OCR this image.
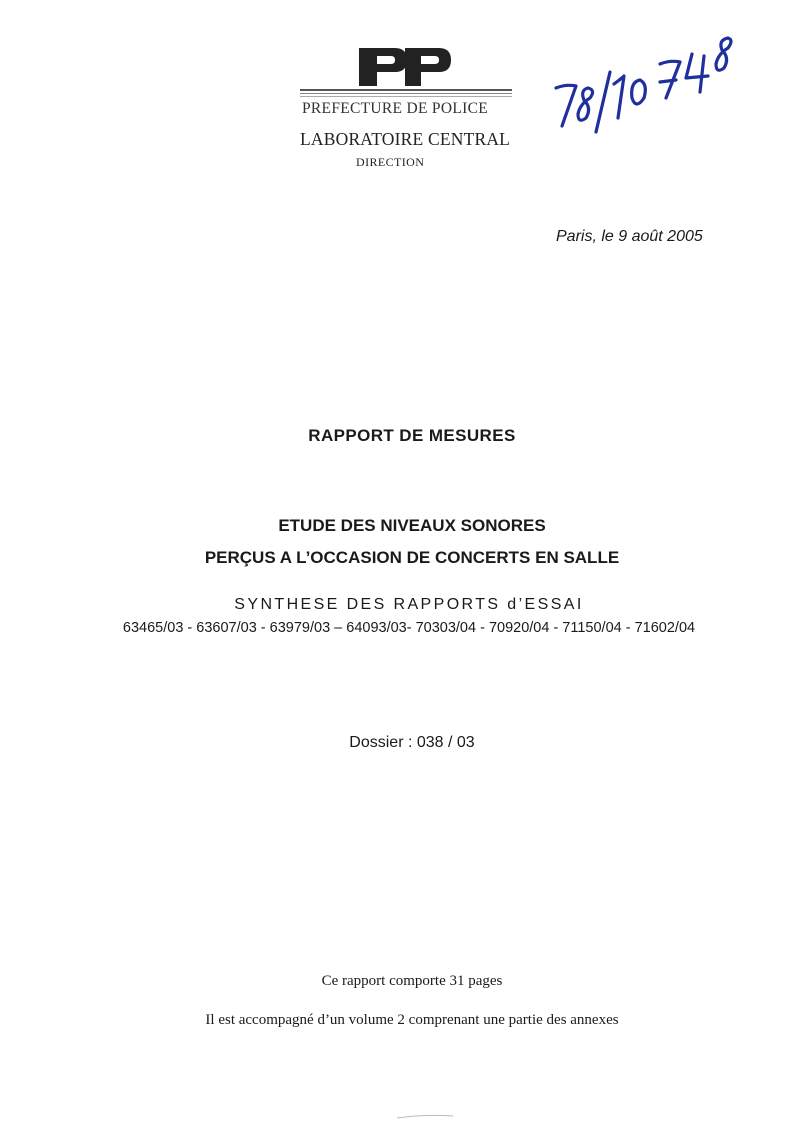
PREFECTURE DE POLICE
LABORATOIRE CENTRAL
DIRECTION
Paris, le 9 août 2005
RAPPORT DE MESURES
ETUDE DES NIVEAUX SONORES
PERÇUS A L’OCCASION DE CONCERTS EN SALLE
SYNTHESE DES RAPPORTS d’ESSAI
63465/03 - 63607/03 - 63979/03 – 64093/03- 70303/04 - 70920/04 - 71150/04 - 71602/04
Dossier : 038 / 03
Ce rapport comporte 31 pages
Il est accompagné d’un volume 2 comprenant une partie des annexes
